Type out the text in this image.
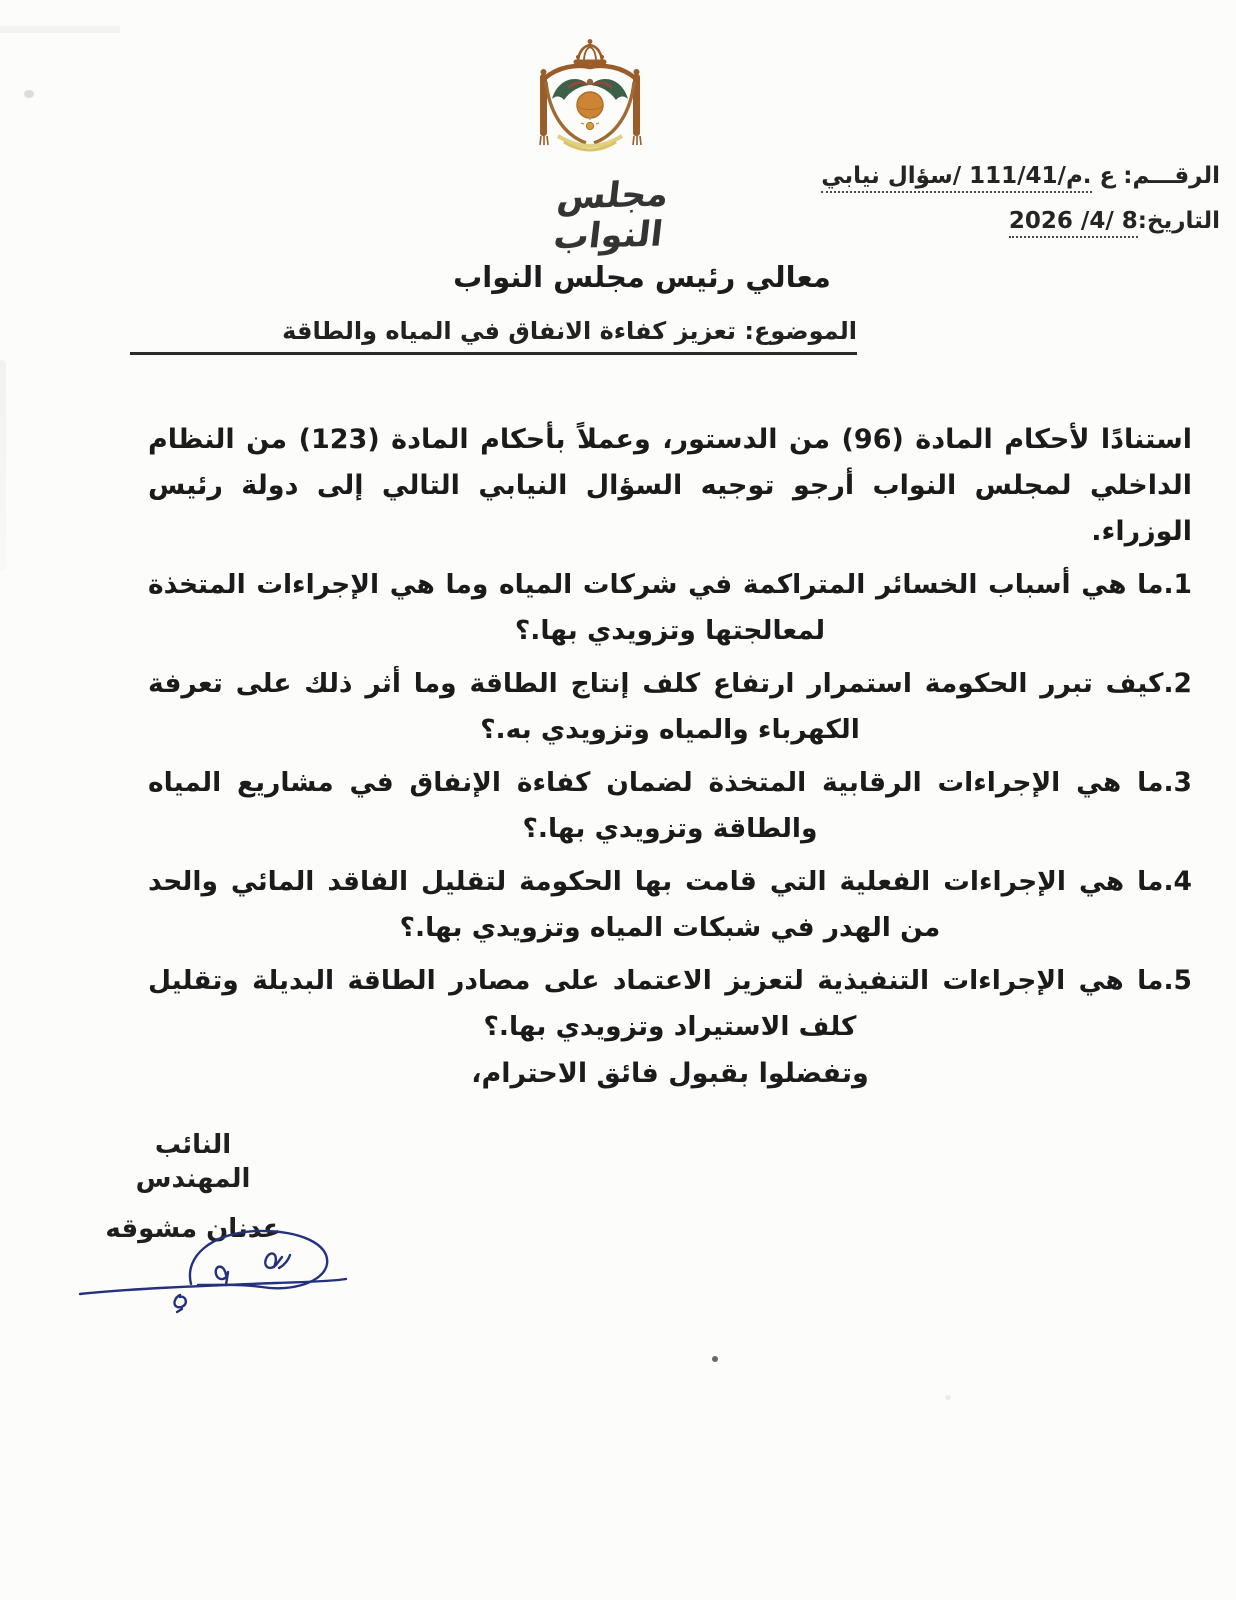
الرقـــم: ع .م/111/41 /سؤال نيابي
التاريخ:8 /4/ 2026
مجلس النواب
معالي رئيس مجلس النواب
الموضوع: تعزيز كفاءة الانفاق في المياه والطاقة

استنادًا لأحكام المادة (96) من الدستور، وعملاً بأحكام المادة (123) من النظام الداخلي لمجلس النواب أرجو توجيه السؤال النيابي التالي إلى دولة رئيس الوزراء.

1.ما هي أسباب الخسائر المتراكمة في شركات المياه وما هي الإجراءات المتخذة لمعالجتها وتزويدي بها.؟

2.كيف تبرر الحكومة استمرار ارتفاع كلف إنتاج الطاقة وما أثر ذلك على تعرفة الكهرباء والمياه وتزويدي به.؟

3.ما هي الإجراءات الرقابية المتخذة لضمان كفاءة الإنفاق في مشاريع المياه والطاقة وتزويدي بها.؟

4.ما هي الإجراءات الفعلية التي قامت بها الحكومة لتقليل الفاقد المائي والحد من الهدر في شبكات المياه وتزويدي بها.؟

5.ما هي الإجراءات التنفيذية لتعزيز الاعتماد على مصادر الطاقة البديلة وتقليل كلف الاستيراد وتزويدي بها.؟

وتفضلوا بقبول فائق الاحترام،
النائب المهندس
عدنان مشوقه
